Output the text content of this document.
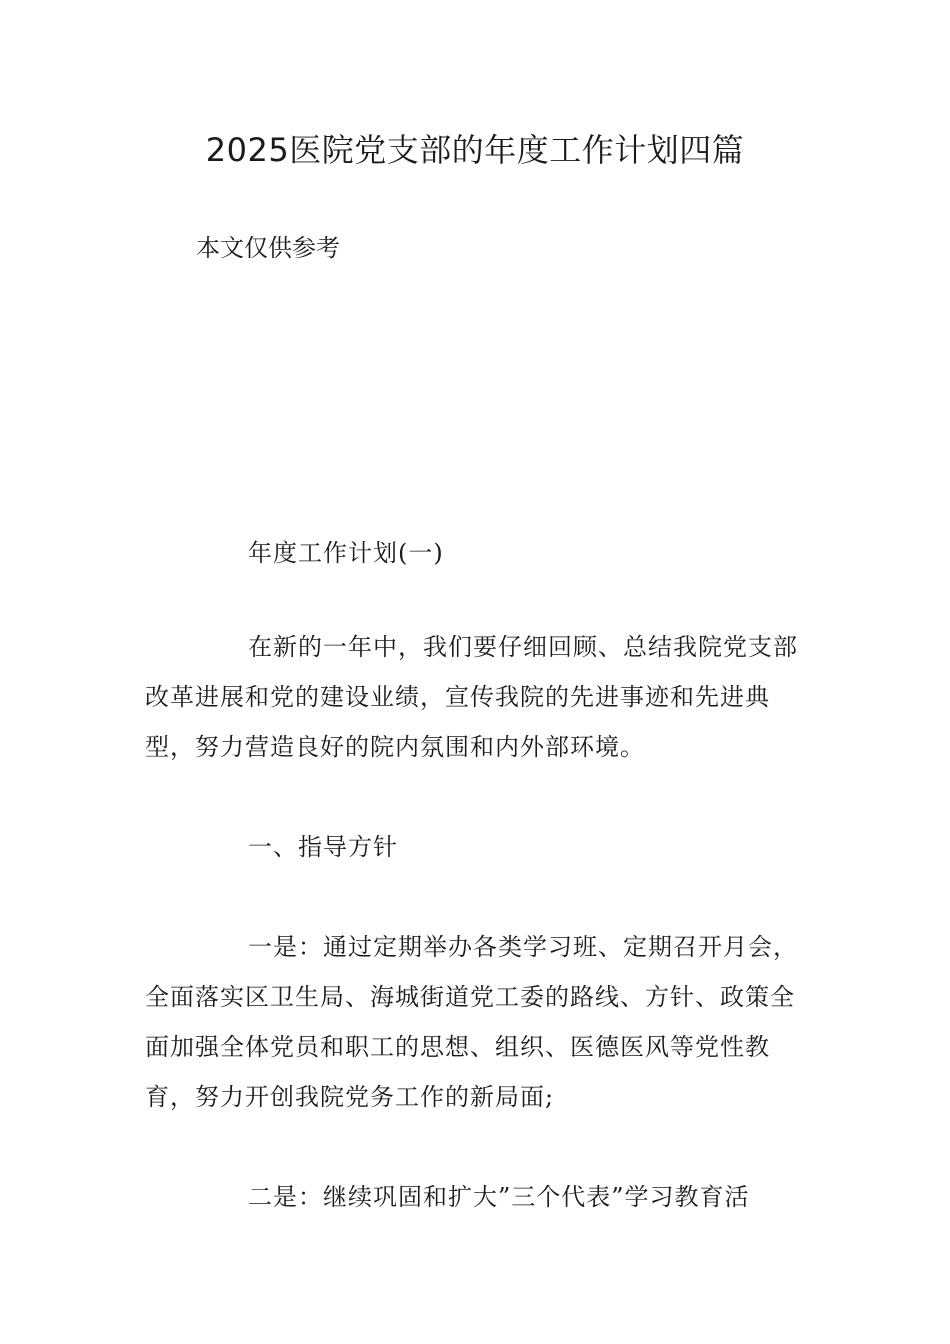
2025医院党支部的年度工作计划四篇

本文仅供参考

年度工作计划(一)

在新的一年中，我们要仔细回顾、总结我院党支部改革进展和党的建设业绩，宣传我院的先进事迹和先进典型，努力营造良好的院内氛围和内外部环境。

一、指导方针

一是：通过定期举办各类学习班、定期召开月会，全面落实区卫生局、海城街道党工委的路线、方针、政策全面加强全体党员和职工的思想、组织、医德医风等党性教育，努力开创我院党务工作的新局面;

二是：继续巩固和扩大”三个代表”学习教育活
